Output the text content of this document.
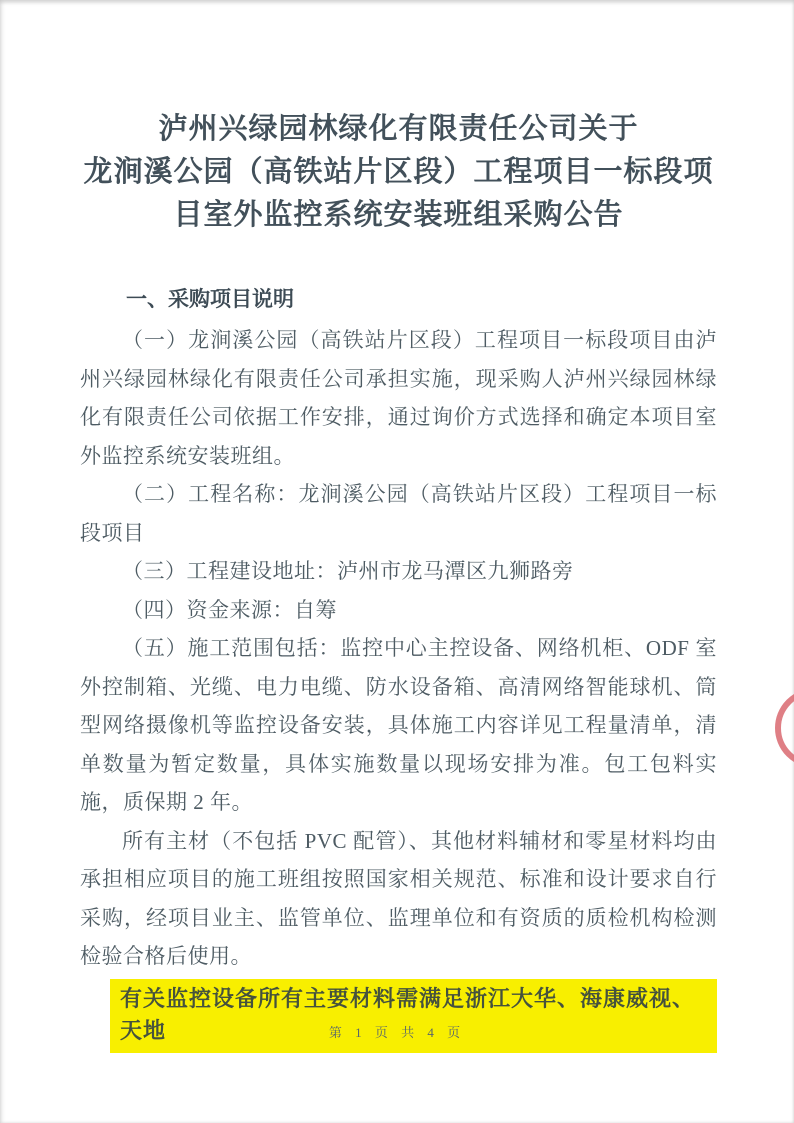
泸州兴绿园林绿化有限责任公司关于
龙涧溪公园（高铁站片区段）工程项目一标段项
目室外监控系统安装班组采购公告
一、采购项目说明

（一）龙涧溪公园（高铁站片区段）工程项目一标段项目由泸州兴绿园林绿化有限责任公司承担实施，现采购人泸州兴绿园林绿化有限责任公司依据工作安排，通过询价方式选择和确定本项目室外监控系统安装班组。

（二）工程名称：龙涧溪公园（高铁站片区段）工程项目一标段项目

（三）工程建设地址：泸州市龙马潭区九狮路旁

（四）资金来源：自筹

（五）施工范围包括：监控中心主控设备、网络机柜、ODF 室外控制箱、光缆、电力电缆、防水设备箱、高清网络智能球机、筒型网络摄像机等监控设备安装，具体施工内容详见工程量清单，清单数量为暂定数量，具体实施数量以现场安排为准。包工包料实施，质保期 2 年。

所有主材（不包括 PVC 配管）、其他材料辅材和零星材料均由承担相应项目的施工班组按照国家相关规范、标准和设计要求自行采购，经项目业主、监管单位、监理单位和有资质的质检机构检测检验合格后使用。

有关监控设备所有主要材料需满足浙江大华、海康威视、天地	第 1 页 共 4 页
